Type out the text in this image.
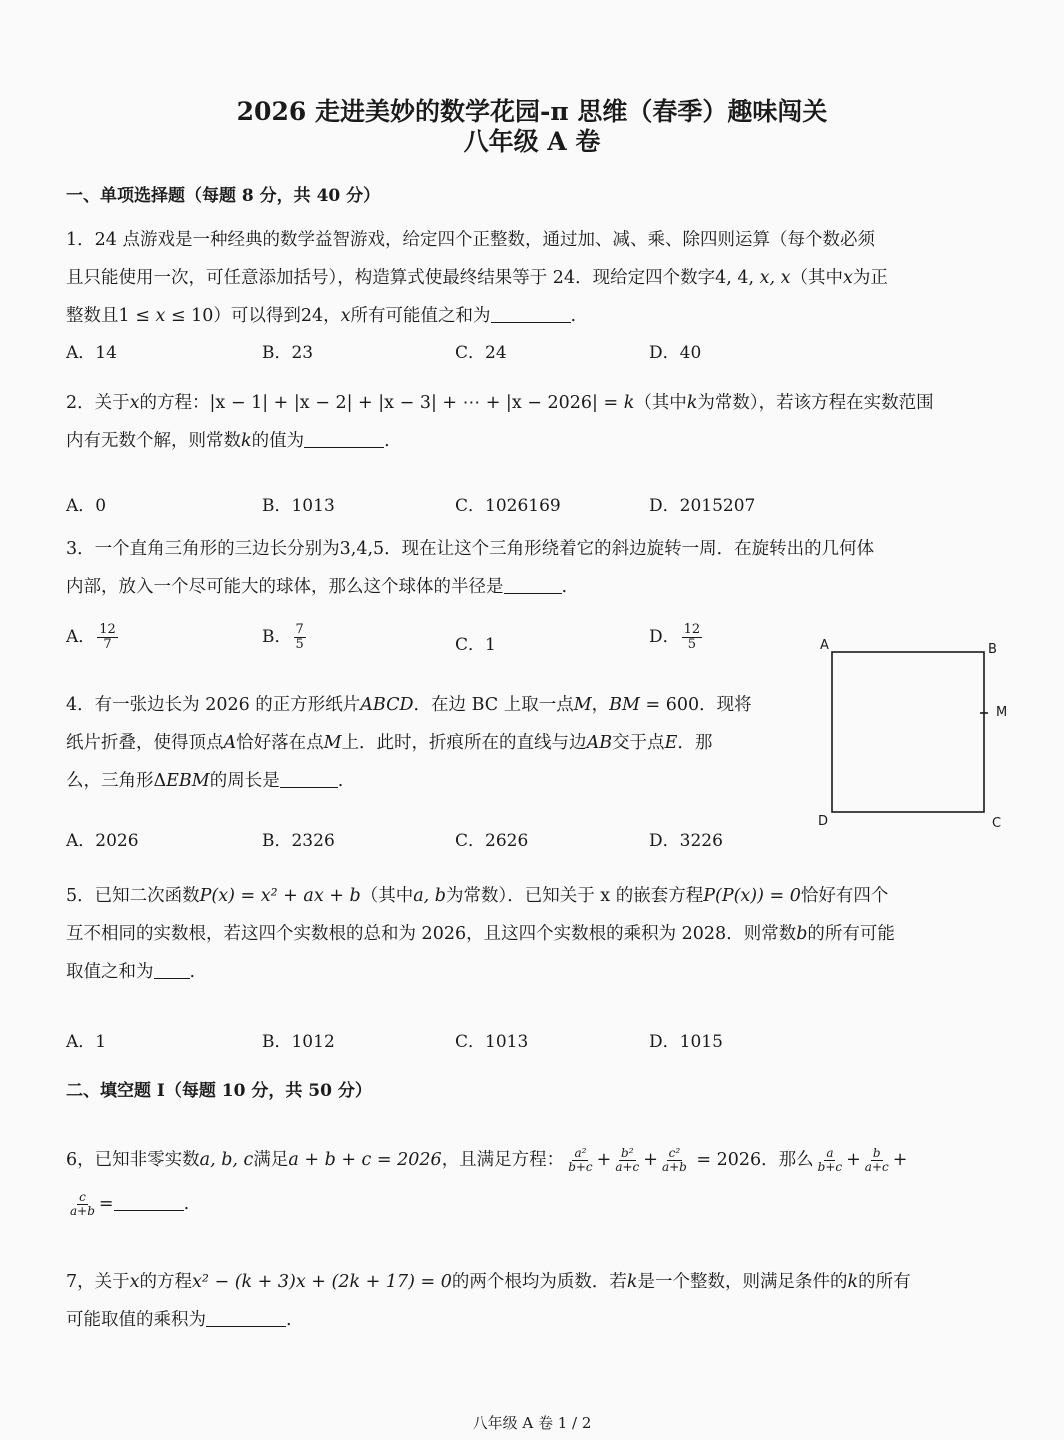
2026 走进美妙的数学花园-π 思维（春季）趣味闯关
八年级 A 卷
一、单项选择题（每题 8 分，共 40 分）
1．24 点游戏是一种经典的数学益智游戏，给定四个正整数，通过加、减、乘、除四则运算（每个数必须
且只能使用一次，可任意添加括号），构造算式使最终结果等于 24．现给定四个数字4, 4, x, x（其中x为正
整数且1 ≤ x ≤ 10）可以得到24，x所有可能值之和为	.
A．14	B．23	C．24	D．40
2．关于x的方程：|x − 1| + |x − 2| + |x − 3| + ⋯ + |x − 2026| = k（其中k为常数），若该方程在实数范围
内有无数个解，则常数k的值为	.
A．0	B．1013	C．1026169	D．2015207
3．一个直角三角形的三边长分别为3,4,5．现在让这个三角形绕着它的斜边旋转一周．在旋转出的几何体
内部，放入一个尽可能大的球体，那么这个球体的半径是	.
A． $\frac{12}{7}$	B． $\frac{7}{5}$	C．1	D． $\frac{12}{5}$
4．有一张边长为 2026 的正方形纸片ABCD．在边 BC 上取一点M，BM = 600．现将
纸片折叠，使得顶点A恰好落在点M上．此时，折痕所在的直线与边AB交于点E．那
么，三角形ΔEBM的周长是	.
A．2026	B．2326	C．2626	D．3226
A	B
M
D	C
5．已知二次函数P(x) = x² + ax + b（其中a, b为常数）．已知关于 x 的嵌套方程P(P(x)) = 0恰好有四个
互不相同的实数根，若这四个实数根的总和为 2026，且这四个实数根的乘积为 2028．则常数b的所有可能
取值之和为 .
A．1	B．1012	C．1013	D．1015
二、填空题 I（每题 10 分，共 50 分）
6，已知非零实数a, b, c满足a + b + c = 2026，且满足方程： $\frac{\text{a²}}{b+c} + \frac{\text{b²}}{a+c} + \frac{\text{c²}}{a+b} = 2026$．那么 $\frac{a}{b+c} + \frac{b}{a+c}$ +
$\frac{c}{a+b}$ =	.
7，关于x的方程x² − (k + 3)x + (2k + 17) = 0的两个根均为质数．若k是一个整数，则满足条件的k的所有
可能取值的乘积为	.
八年级 A 卷 1 / 2
